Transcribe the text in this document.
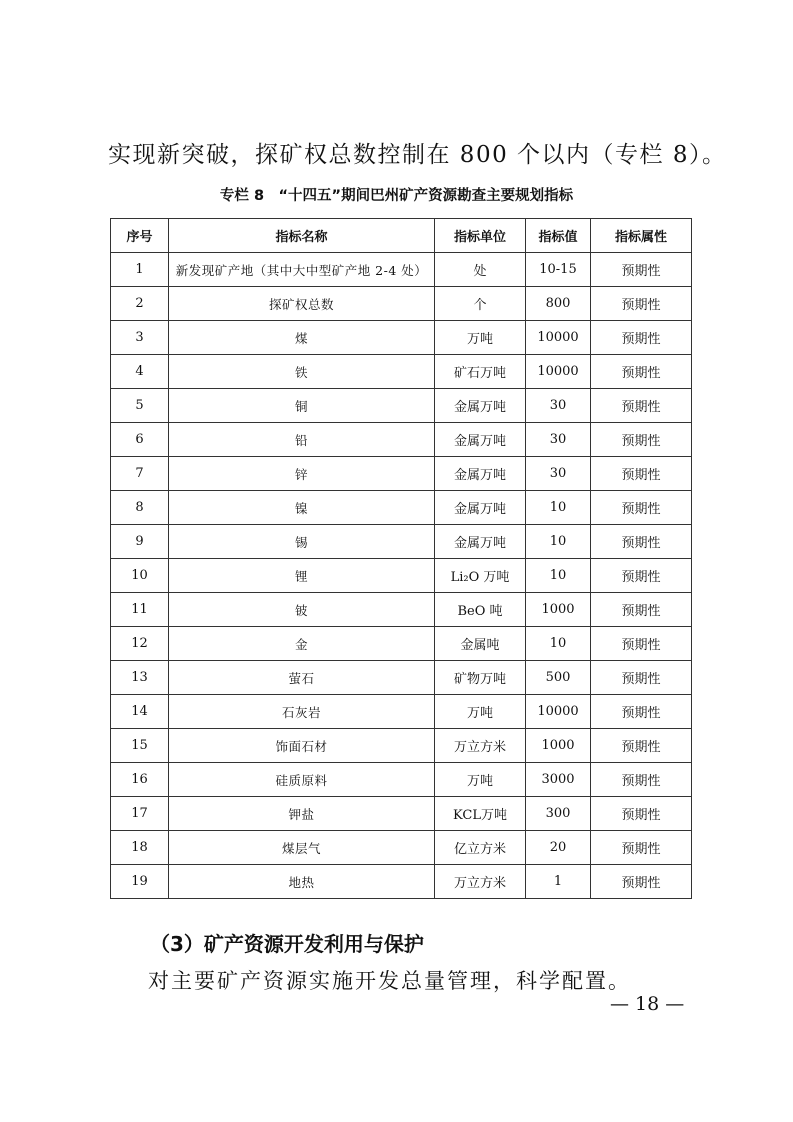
实现新突破，探矿权总数控制在 800 个以内（专栏 8）。
专栏 8　“十四五”期间巴州矿产资源勘查主要规划指标
序号	指标名称	指标单位	指标值	指标属性
1	新发现矿产地（其中大中型矿产地 2-4 处）	处	10-15	预期性
2	探矿权总数	个	800	预期性
3	煤	万吨	10000	预期性
4	铁	矿石万吨	10000	预期性
5	铜	金属万吨	30	预期性
6	铅	金属万吨	30	预期性
7	锌	金属万吨	30	预期性
8	镍	金属万吨	10	预期性
9	锡	金属万吨	10	预期性
10	锂	Li₂O 万吨	10	预期性
11	铍	BeO 吨	1000	预期性
12	金	金属吨	10	预期性
13	萤石	矿物万吨	500	预期性
14	石灰岩	万吨	10000	预期性
15	饰面石材	万立方米	1000	预期性
16	硅质原料	万吨	3000	预期性
17	钾盐	KCL万吨	300	预期性
18	煤层气	亿立方米	20	预期性
19	地热	万立方米	1	预期性
（3）矿产资源开发利用与保护
对主要矿产资源实施开发总量管理，科学配置。
— 18 —
